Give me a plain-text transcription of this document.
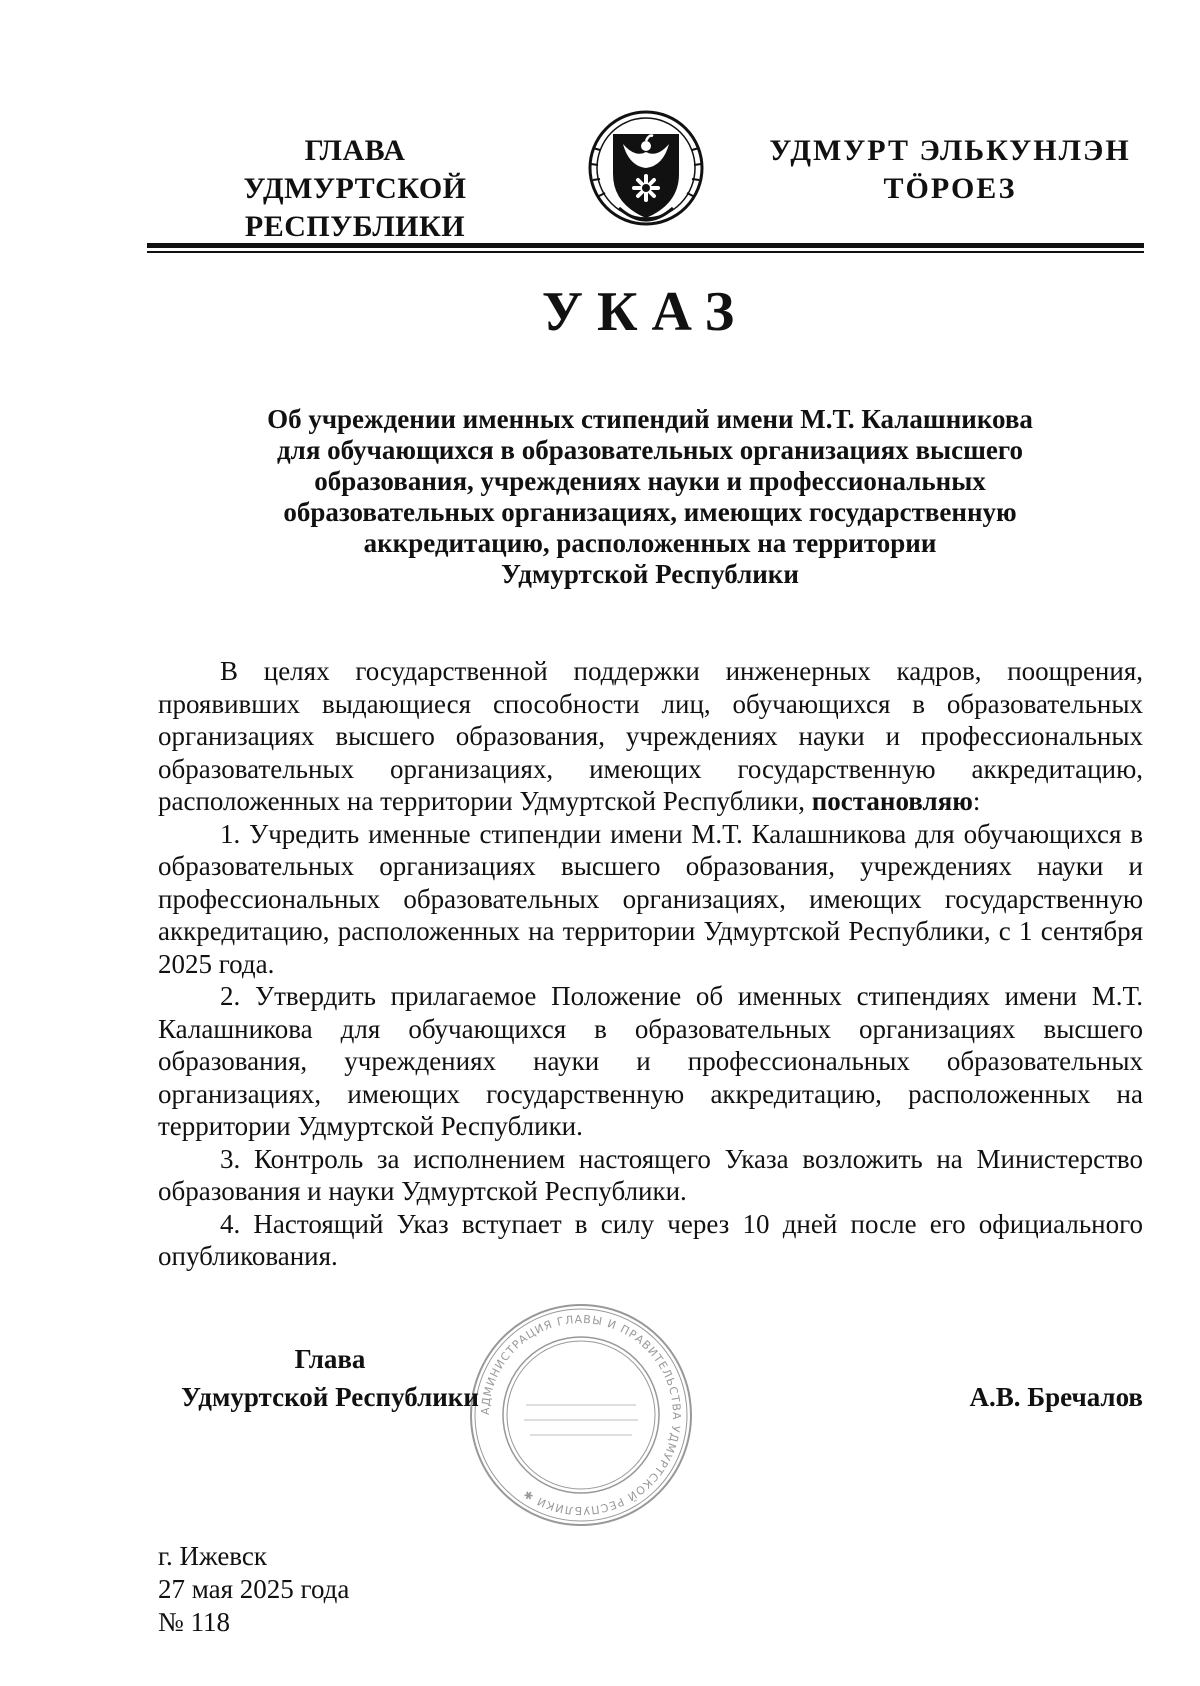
ГЛАВА
УДМУРТСКОЙ РЕСПУБЛИКИ
УДМУРТ ЭЛЬКУНЛЭН
ТÖРОЕЗ
УКАЗ
Об учреждении именных стипендий имени М.Т. Калашникова
для обучающихся в образовательных организациях высшего
образования, учреждениях науки и профессиональных
образовательных организациях, имеющих государственную
аккредитацию, расположенных на территории
Удмуртской Республики

В целях государственной поддержки инженерных кадров, поощрения, проявивших выдающиеся способности лиц, обучающихся в образовательных организациях высшего образования, учреждениях науки и профессиональных образовательных организациях, имеющих государственную аккредитацию, расположенных на территории Удмуртской Республики, постановляю:

1. Учредить именные стипендии имени М.Т. Калашникова для обучающихся в образовательных организациях высшего образования, учреждениях науки и профессиональных образовательных организациях, имеющих государственную аккредитацию, расположенных на территории Удмуртской Республики, с 1 сентября 2025 года.

2. Утвердить прилагаемое Положение об именных стипендиях имени М.Т. Калашникова для обучающихся в образовательных организациях высшего образования, учреждениях науки и профессиональных образовательных организациях, имеющих государственную аккредитацию, расположенных на территории Удмуртской Республики.

3. Контроль за исполнением настоящего Указа возложить на Министерство образования и науки Удмуртской Республики.

4. Настоящий Указ вступает в силу через 10 дней после его официального опубликования.

АДМИНИСТРАЦИЯ ГЛАВЫ И ПРАВИТЕЛЬСТВА УДМУРТСКОЙ РЕСПУБЛИКИ ✱
Глава
Удмуртской Республики	А.В. Бречалов
г. Ижевск
27 мая 2025 года
№ 118
